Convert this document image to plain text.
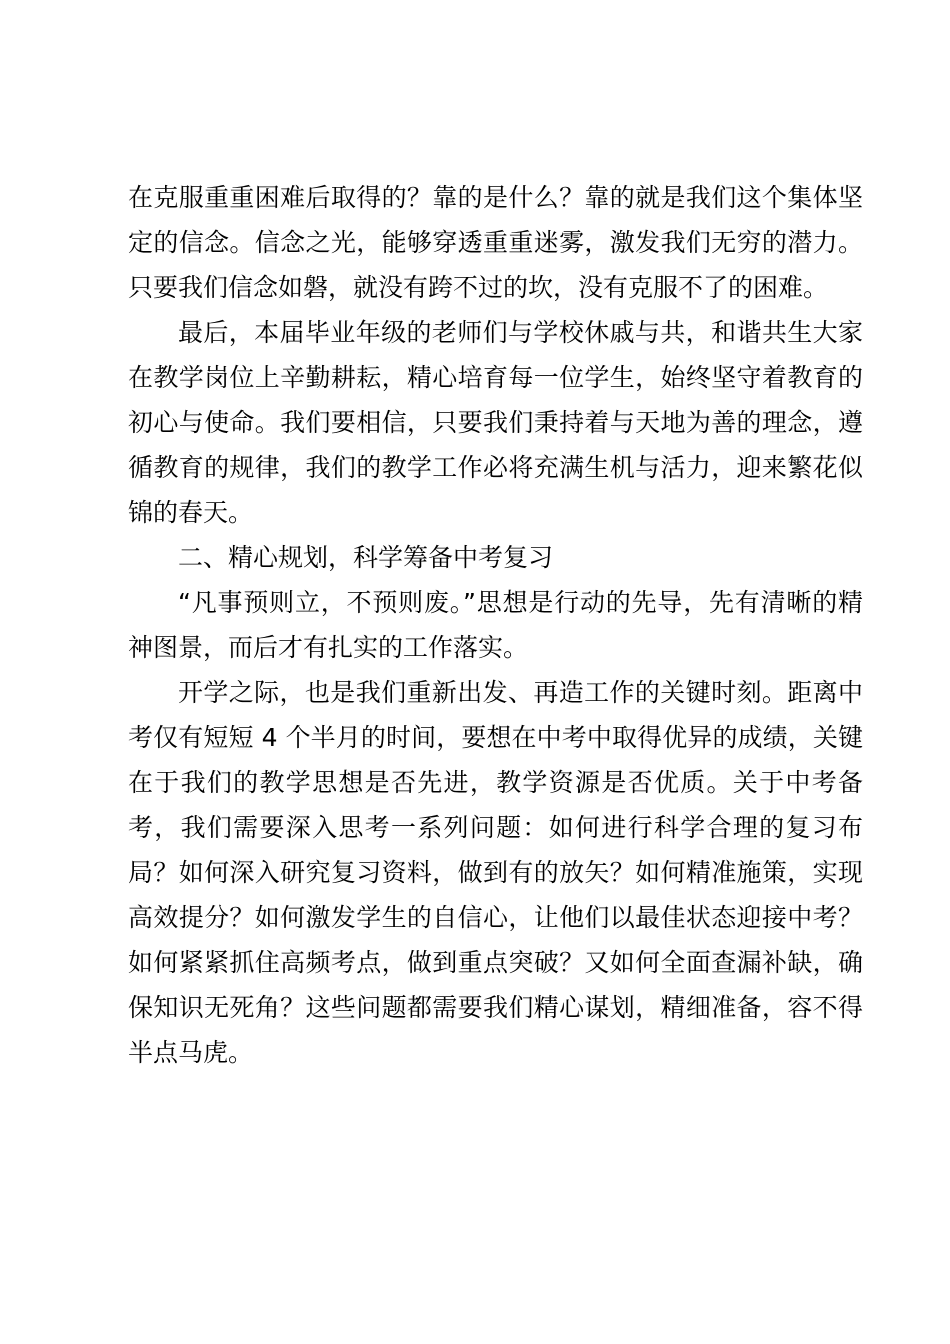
在克服重重困难后取得的？靠的是什么？靠的就是我们这个集体坚定的信念。信念之光，能够穿透重重迷雾，激发我们无穷的潜力。只要我们信念如磐，就没有跨不过的坎，没有克服不了的困难。

最后，本届毕业年级的老师们与学校休戚与共，和谐共生大家在教学岗位上辛勤耕耘，精心培育每一位学生，始终坚守着教育的初心与使命。我们要相信，只要我们秉持着与天地为善的理念，遵循教育的规律，我们的教学工作必将充满生机与活力，迎来繁花似锦的春天。

二、精心规划，科学筹备中考复习

“凡事预则立，不预则废。”思想是行动的先导，先有清晰的精神图景，而后才有扎实的工作落实。

开学之际，也是我们重新出发、再造工作的关键时刻。距离中考仅有短短 4 个半月的时间，要想在中考中取得优异的成绩，关键在于我们的教学思想是否先进，教学资源是否优质。关于中考备考，我们需要深入思考一系列问题：如何进行科学合理的复习布局？如何深入研究复习资料，做到有的放矢？如何精准施策，实现高效提分？如何激发学生的自信心，让他们以最佳状态迎接中考？如何紧紧抓住高频考点，做到重点突破？又如何全面查漏补缺，确保知识无死角？这些问题都需要我们精心谋划，精细准备，容不得半点马虎。
